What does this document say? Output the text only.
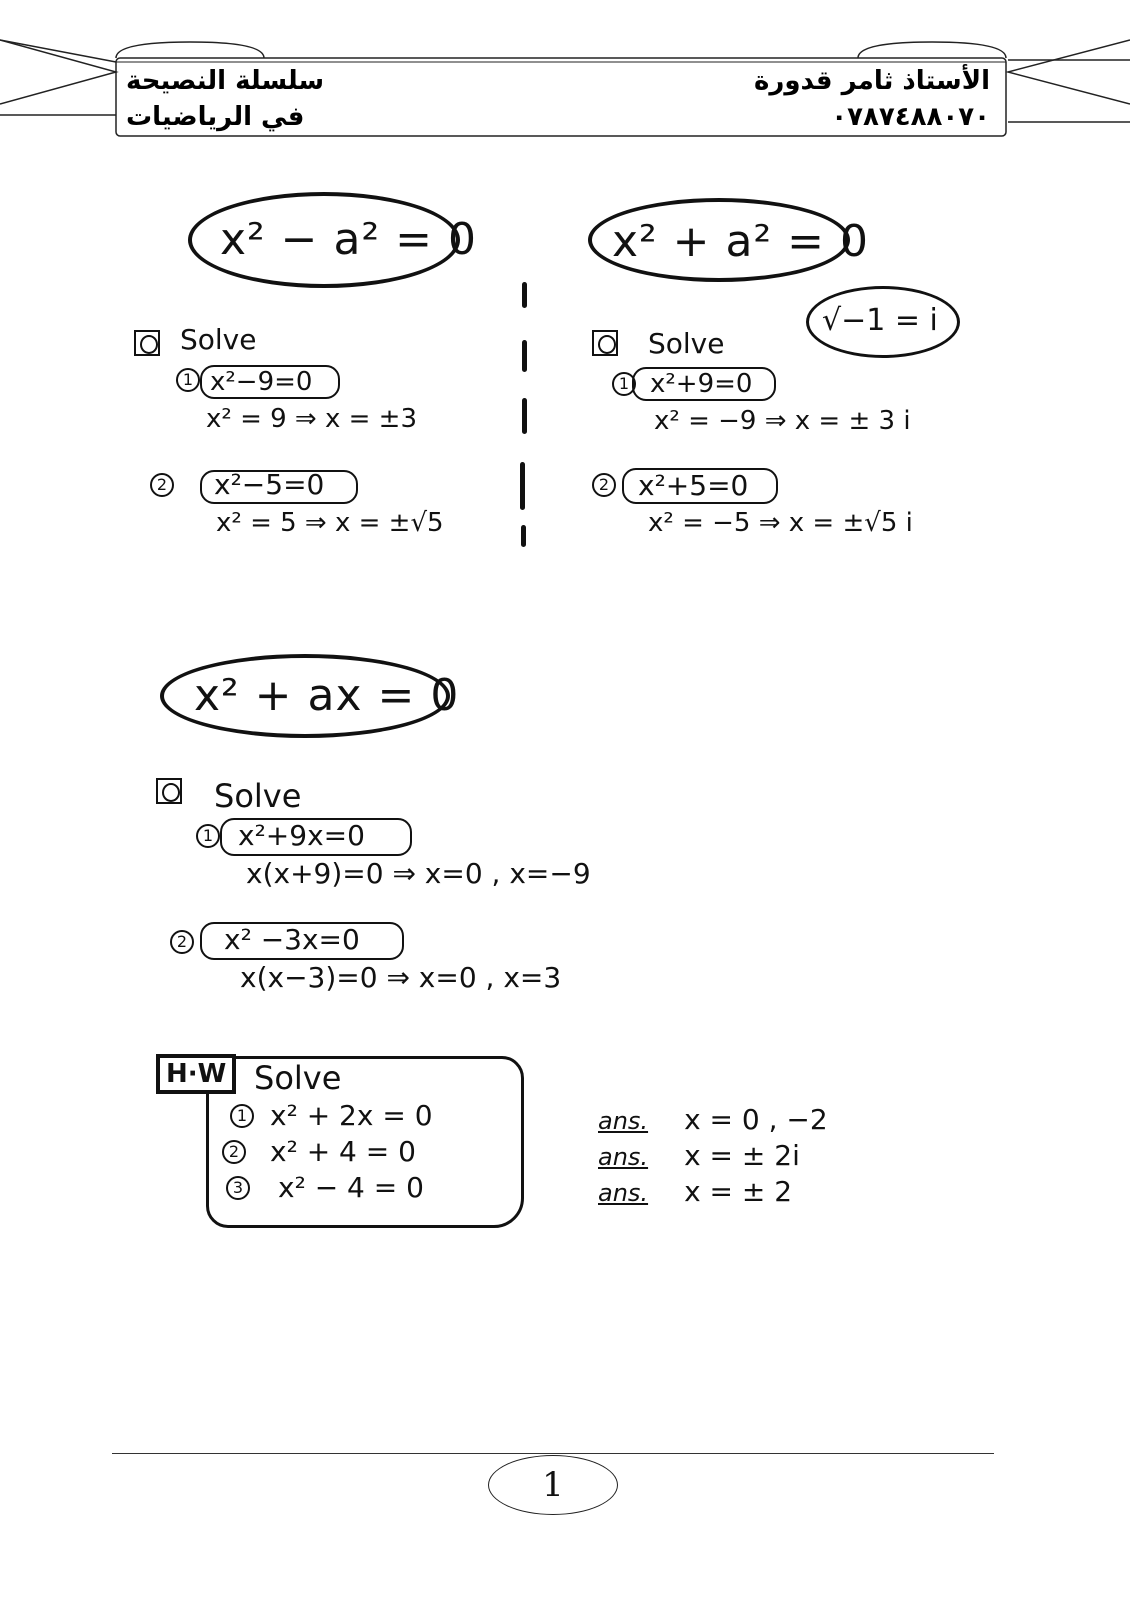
سلسلة النصيحة
في الرياضيات
الأستاذ ثامر قدورة
٠٧٨٧٤٨٨٠٧٠
x² − a² = 0
Solve
1 x²−9=0
x² = 9 ⇒ x = ±3
2 x²−5=0
x² = 5 ⇒ x = ±√5
x² + a² = 0
√−1 = i
Solve
1 x²+9=0
x² = −9 ⇒ x = ± 3 i
2 x²+5=0
x² = −5 ⇒ x = ±√5 i
x² + ax = 0
Solve
1 x²+9x=0
x(x+9)=0 ⇒ x=0 , x=−9
2 x² −3x=0
x(x−3)=0 ⇒ x=0 , x=3
H·W Solve
1 x² + 2x = 0
2 x² + 4 = 0
3 x² − 4 = 0
ans. x = 0 , −2
ans. x = ± 2i
ans. x = ± 2
1
